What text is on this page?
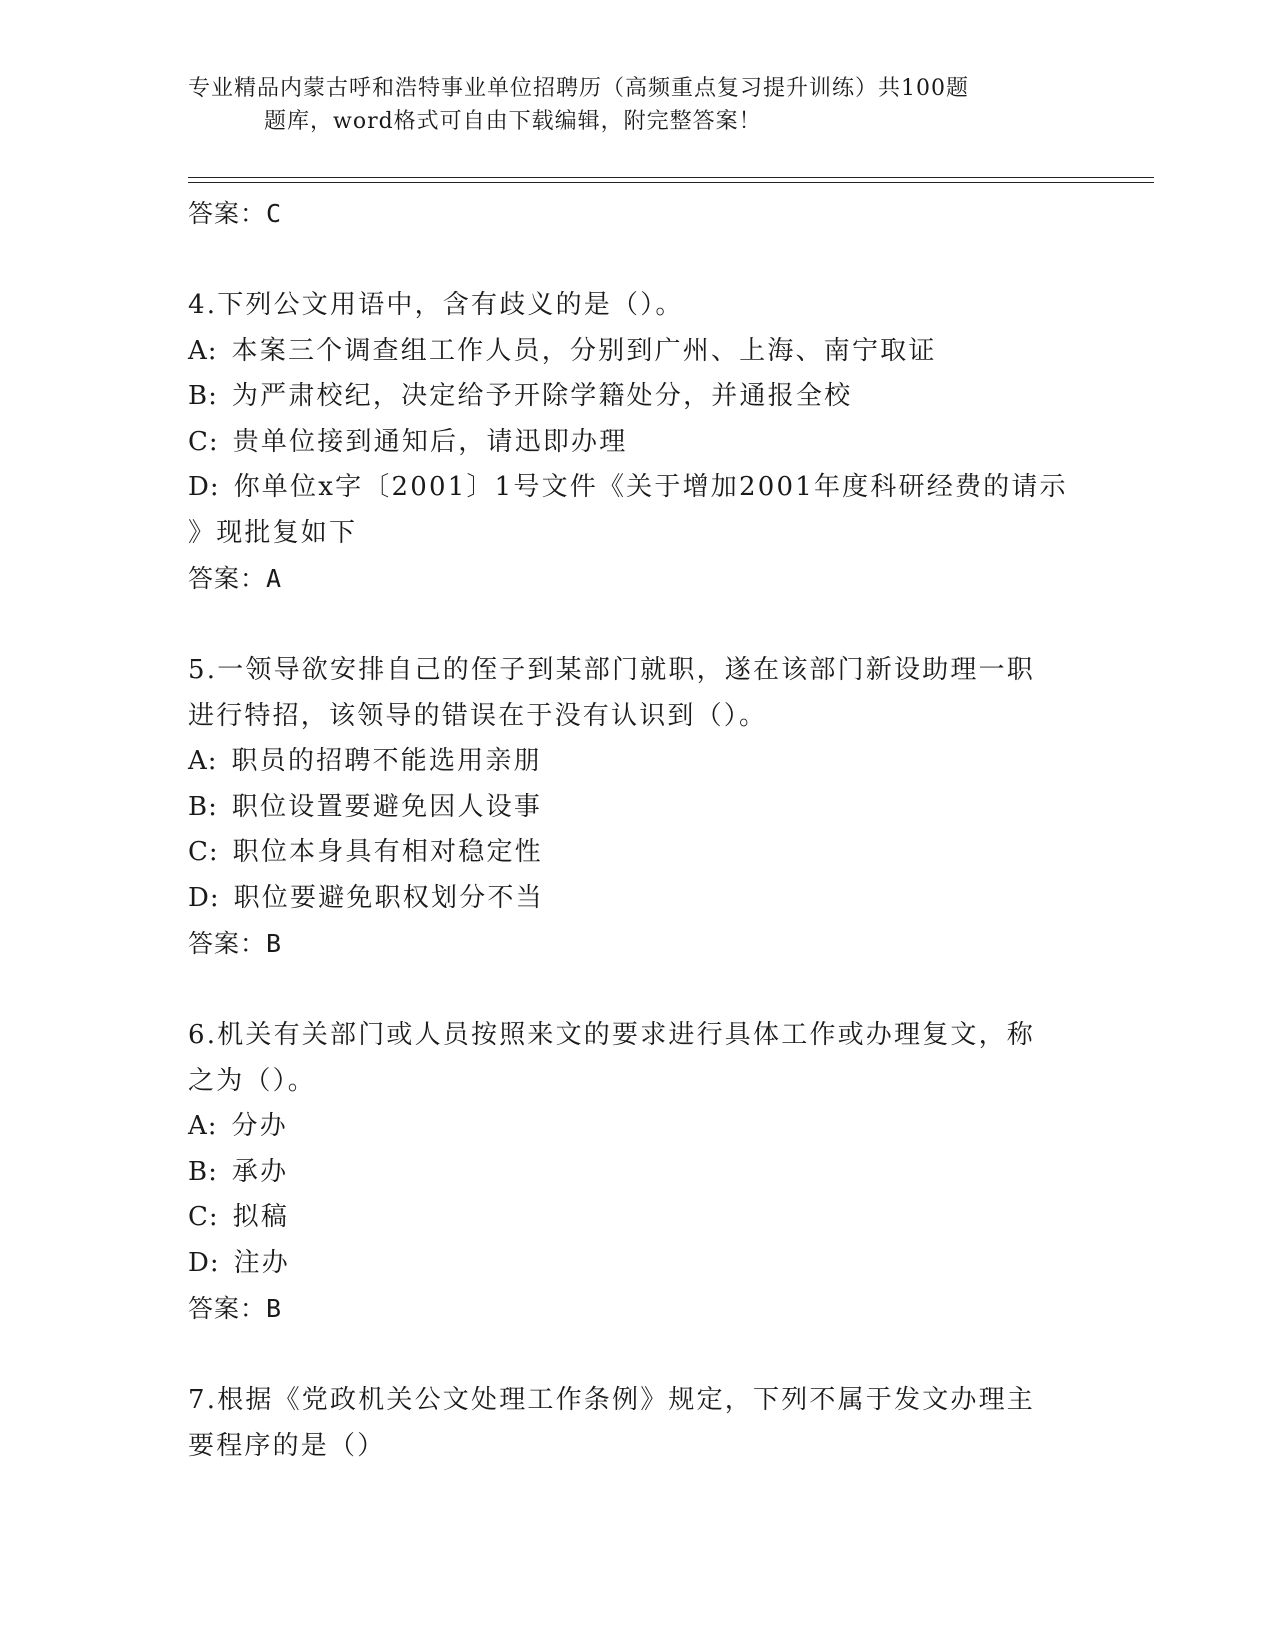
专业精品内蒙古呼和浩特事业单位招聘历（高频重点复习提升训练）共100题
题库，word格式可自由下载编辑，附完整答案！
答案：C

4.下列公文用语中，含有歧义的是（）。

A: 本案三个调查组工作人员，分别到广州、上海、南宁取证

B: 为严肃校纪，决定给予开除学籍处分，并通报全校

C: 贵单位接到通知后，请迅即办理

D: 你单位x字〔2001〕1号文件《关于增加2001年度科研经费的请示

》现批复如下

答案：A

5.一领导欲安排自己的侄子到某部门就职，遂在该部门新设助理一职

进行特招，该领导的错误在于没有认识到（）。

A: 职员的招聘不能选用亲朋

B: 职位设置要避免因人设事

C: 职位本身具有相对稳定性

D: 职位要避免职权划分不当

答案：B

6.机关有关部门或人员按照来文的要求进行具体工作或办理复文，称

之为（）。

A: 分办

B: 承办

C: 拟稿

D: 注办

答案：B

7.根据《党政机关公文处理工作条例》规定，下列不属于发文办理主

要程序的是（）
